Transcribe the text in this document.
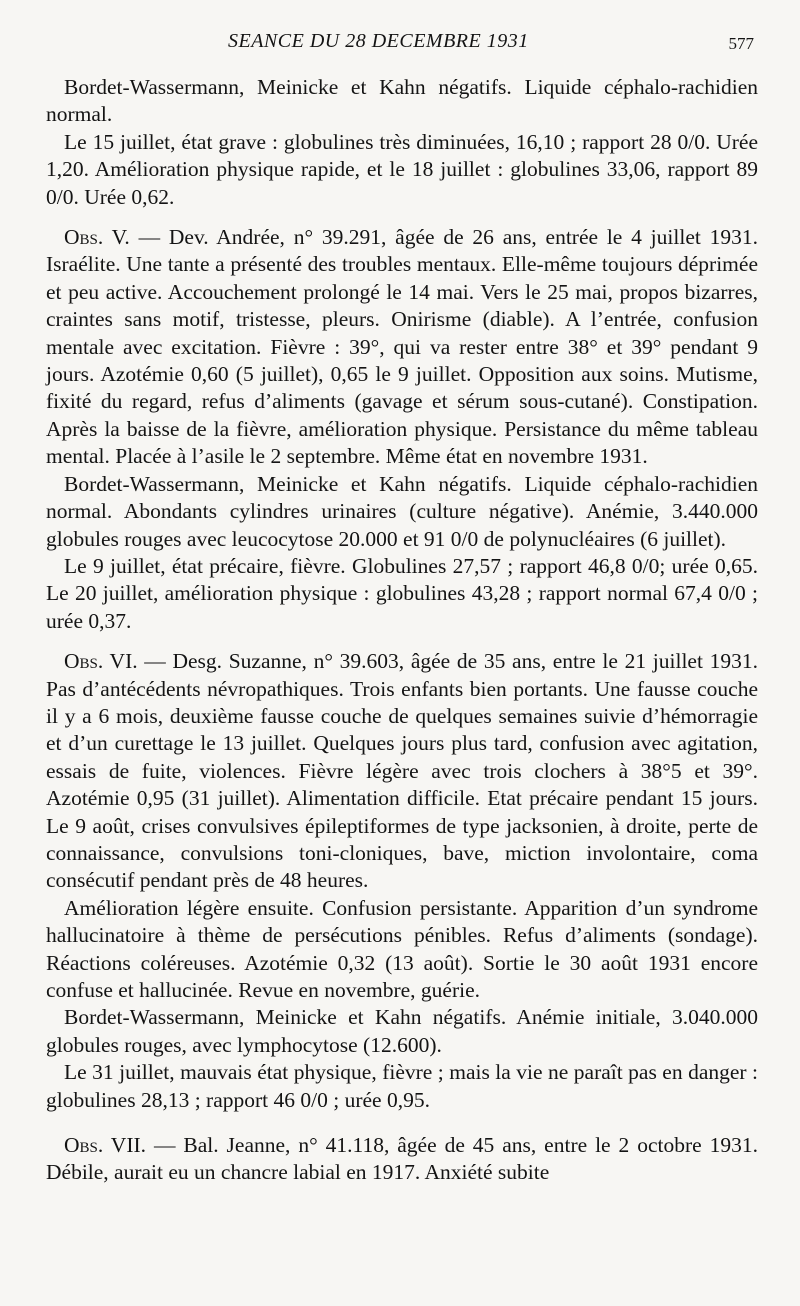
SEANCE DU 28 DECEMBRE 1931	577

Bordet-Wassermann, Meinicke et Kahn négatifs. Liquide céphalo-rachidien normal.

Le 15 juillet, état grave : globulines très diminuées, 16,10 ; rapport 28 0/0. Urée 1,20. Amélioration physique rapide, et le 18 juillet : globulines 33,06, rapport 89 0/0. Urée 0,62.

Obs. V. — Dev. Andrée, n° 39.291, âgée de 26 ans, entrée le 4 juillet 1931. Israélite. Une tante a présenté des troubles mentaux. Elle-même toujours déprimée et peu active. Accouchement prolongé le 14 mai. Vers le 25 mai, propos bizarres, craintes sans motif, tristesse, pleurs. Onirisme (diable). A l’entrée, confusion mentale avec excitation. Fièvre : 39°, qui va rester entre 38° et 39° pendant 9 jours. Azotémie 0,60 (5 juillet), 0,65 le 9 juillet. Opposition aux soins. Mutisme, fixité du regard, refus d’aliments (gavage et sérum sous-cutané). Constipation. Après la baisse de la fièvre, amélioration physique. Persistance du même tableau mental. Placée à l’asile le 2 septembre. Même état en novembre 1931.

Bordet-Wassermann, Meinicke et Kahn négatifs. Liquide céphalo-rachidien normal. Abondants cylindres urinaires (culture négative). Anémie, 3.440.000 globules rouges avec leucocytose 20.000 et 91 0/0 de polynucléaires (6 juillet).

Le 9 juillet, état précaire, fièvre. Globulines 27,57 ; rapport 46,8 0/0; urée 0,65. Le 20 juillet, amélioration physique : globulines 43,28 ; rapport normal 67,4 0/0 ; urée 0,37.

Obs. VI. — Desg. Suzanne, n° 39.603, âgée de 35 ans, entre le 21 juillet 1931. Pas d’antécédents névropathiques. Trois enfants bien portants. Une fausse couche il y a 6 mois, deuxième fausse couche de quelques semaines suivie d’hémorragie et d’un curettage le 13 juillet. Quelques jours plus tard, confusion avec agitation, essais de fuite, violences. Fièvre légère avec trois clochers à 38°5 et 39°. Azotémie 0,95 (31 juillet). Alimentation difficile. Etat précaire pendant 15 jours. Le 9 août, crises convulsives épileptiformes de type jacksonien, à droite, perte de connaissance, convulsions toni-cloniques, bave, miction involontaire, coma consécutif pendant près de 48 heures.

Amélioration légère ensuite. Confusion persistante. Apparition d’un syndrome hallucinatoire à thème de persécutions pénibles. Refus d’aliments (sondage). Réactions coléreuses. Azotémie 0,32 (13 août). Sortie le 30 août 1931 encore confuse et hallucinée. Revue en novembre, guérie.

Bordet-Wassermann, Meinicke et Kahn négatifs. Anémie initiale, 3.040.000 globules rouges, avec lymphocytose (12.600).

Le 31 juillet, mauvais état physique, fièvre ; mais la vie ne paraît pas en danger : globulines 28,13 ; rapport 46 0/0 ; urée 0,95.

Obs. VII. — Bal. Jeanne, n° 41.118, âgée de 45 ans, entre le 2 octobre 1931. Débile, aurait eu un chancre labial en 1917. Anxiété subite
